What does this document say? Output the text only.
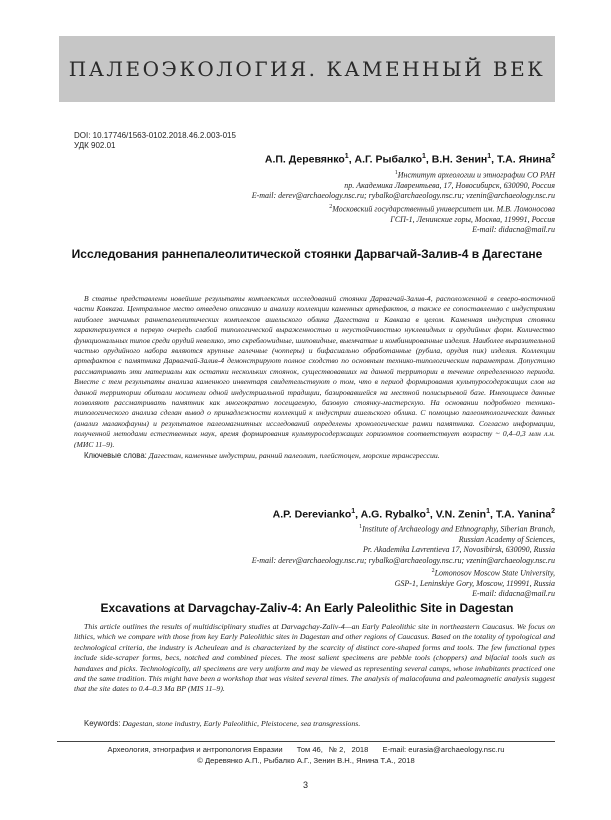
ПАЛЕОЭКОЛОГИЯ. КАМЕННЫЙ ВЕК
DOI: 10.17746/1563-0102.2018.46.2.003-015
УДК 902.01
А.П. Деревянко$^1$, А.Г. Рыбалко$^1$, В.Н. Зенин$^1$, Т.А. Янина$^2$
$^1$Институт археологии и этнографии СО РАН
пр. Академика Лаврентьева, 17, Новосибирск, 630090, Россия
E-mail: derev@archaeology.nsc.ru; rybalko@archaeology.nsc.ru; vzenin@archaeology.nsc.ru
$^2$Московский государственный университет им. М.В. Ломоносова
ГСП-1, Ленинские горы, Москва, 119991, Россия
E-mail: didacna@mail.ru
Исследования раннепалеолитической стоянки Дарвагчай-Залив-4 в Дагестане

В статье представлены новейшие результаты комплексных исследований стоянки Дарвагчай-Залив-4, расположенной в северо-восточной части Кавказа. Центральное место отведено описанию и анализу коллекции каменных артефактов, а также ее сопоставлению с индустриями наиболее значимых раннепалеолитических комплексов ашельского облика Дагестана и Кавказа в целом. Каменная индустрия стоянки характеризуется в первую очередь слабой типологической выраженностью и неустойчивостью нуклевидных и орудийных форм. Количество функциональных типов среди орудий невелико, это скреблowидные, шиповидные, выемчатые и комбинированные изделия. Наиболее выразительной частью орудийного набора являются крупные галечные (чопперы) и бифасиально обработанные (рубила, орудия пик) изделия. Коллекции артефактов с памятника Дарвагчай-Залив-4 демонстрируют полное сходство по основным технико-типологическим параметрам. Допустимо рассматривать эти материалы как остатки нескольких стоянок, существовавших на данной территории в течение определенного периода. Вместе с тем результаты анализа каменного инвентаря свидетельствуют о том, что в период формирования культуросодержащих слов на данной территории обитали носители одной индустриальной традиции, базировавшейся на местной полисырьевой базе. Имеющиеся данные позволяют рассматривать памятник как многократно посещаемую, базовую стоянку-мастерскую. На основании подробного технико-типологического анализа сделан вывод о принадлежности коллекций к индустрии ашельского облика. С помощью палеонтологических данных (анализ малакофауны) и результатов палеомагнитных исследований определены хронологические рамки памятника. Согласно информации, полученной методами естественных наук, время формирования культуросодержащих горизонтов соответствует возрасту ~ 0,4–0,3 млн л.н. (МИС 11–9).

Ключевые слова: Дагестан, каменные индустрии, ранний палеолит, плейстоцен, морские трансгрессии.
A.P. Derevianko$^1$, A.G. Rybalko$^1$, V.N. Zenin$^1$, T.A. Yanina$^2$
$^1$Institute of Archaeology and Ethnography, Siberian Branch,
Russian Academy of Sciences,
Pr. Akademika Lavrentieva 17, Novosibirsk, 630090, Russia
E-mail: derev@archaeology.nsc.ru; rybalko@archaeology.nsc.ru; vzenin@archaeology.nsc.ru
$^2$Lomonosov Moscow State University,
GSP-1, Leninskiye Gory, Moscow, 119991, Russia
E-mail: didacna@mail.ru
Excavations at Darvagchay-Zaliv-4: An Early Paleolithic Site in Dagestan

This article outlines the results of multidisciplinary studies at Darvagchay-Zaliv-4—an Early Paleolithic site in northeastern Caucasus. We focus on lithics, which we compare with those from key Early Paleolithic sites in Dagestan and other regions of Caucasus. Based on the totality of typological and technological criteria, the industry is Acheulean and is characterized by the scarcity of distinct core-shaped forms and tools. The few functional types include side-scraper forms, becs, notched and combined pieces. The most salient specimens are pebble tools (choppers) and bifacial tools such as handaxes and picks. Technologically, all specimens are very uniform and may be viewed as representing several camps, whose inhabitants practiced one and the same tradition. This might have been a workshop that was visited several times. The analysis of malacofauna and paleomagnetic analysis suggest that the site dates to 0.4–0.3 Ma BP (MIS 11–9).

Keywords: Dagestan, stone industry, Early Paleolithic, Pleistocene, sea transgressions.
Археология, этнография и антропология Евразии Том 46, № 2, 2018 E-mail: eurasia@archaeology.nsc.ru
© Деревянко А.П., Рыбалко А.Г., Зенин В.Н., Янина Т.А., 2018
3
